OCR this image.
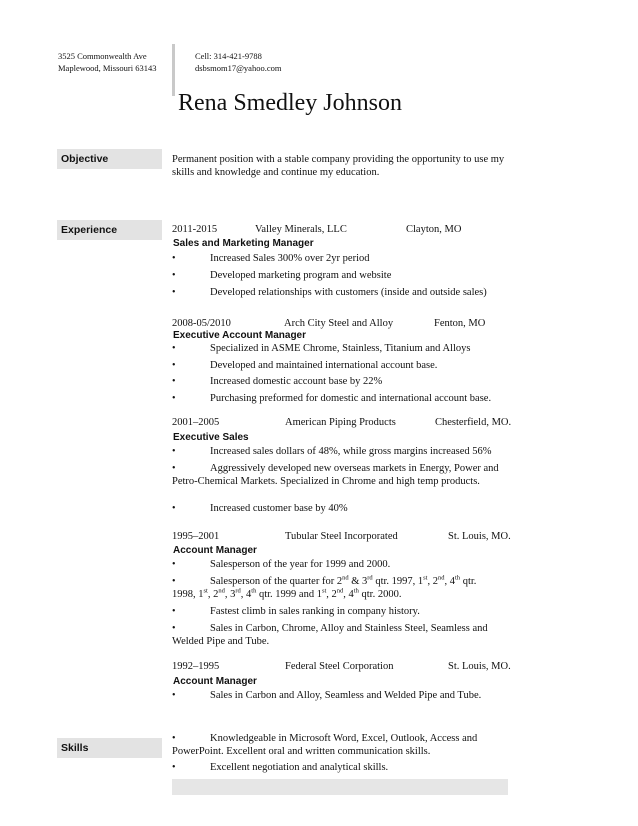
3525 Commonwealth Ave
Maplewood, Missouri 63143
Cell: 314-421-9788
dsbsmom17@yahoo.com
Rena Smedley Johnson
Objective	Permanent position with a stable company providing the opportunity to use my skills and knowledge and continue my education.
Experience	2011-2015	Valley Minerals, LLC	Clayton, MO
Sales and Marketing Manager
•	Increased Sales 300% over 2yr period
•	Developed marketing program and website
•	Developed relationships with customers (inside and outside sales)
2008-05/2010	Arch City Steel and Alloy	Fenton, MO
Executive Account Manager
•	Specialized in ASME Chrome, Stainless, Titanium and Alloys
•	Developed and maintained international account base.
•	Increased domestic account base by 22%
•	Purchasing preformed for domestic and international account base.
2001–2005	American Piping Products	Chesterfield, MO.
Executive Sales
•	Increased sales dollars of 48%, while gross margins increased 56%
•	Aggressively developed new overseas markets in Energy, Power and Petro-Chemical Markets. Specialized in Chrome and high temp products.
•	Increased customer base by 40%
1995–2001	Tubular Steel Incorporated	St. Louis, MO.
Account Manager
•	Salesperson of the year for 1999 and 2000.
•	Salesperson of the quarter for 2nd & 3rd qtr. 1997, 1st, 2nd, 4th qtr.
1998, 1st, 2nd, 3rd, 4th qtr. 1999 and 1st, 2nd, 4th qtr. 2000.
•	Fastest climb in sales ranking in company history.
•	Sales in Carbon, Chrome, Alloy and Stainless Steel, Seamless and Welded Pipe and Tube.
1992–1995	Federal Steel Corporation	St. Louis, MO.
Account Manager
•	Sales in Carbon and Alloy, Seamless and Welded Pipe and Tube.
Skills
•	Knowledgeable in Microsoft Word, Excel, Outlook, Access and PowerPoint. Excellent oral and written communication skills.
•	Excellent negotiation and analytical skills.
